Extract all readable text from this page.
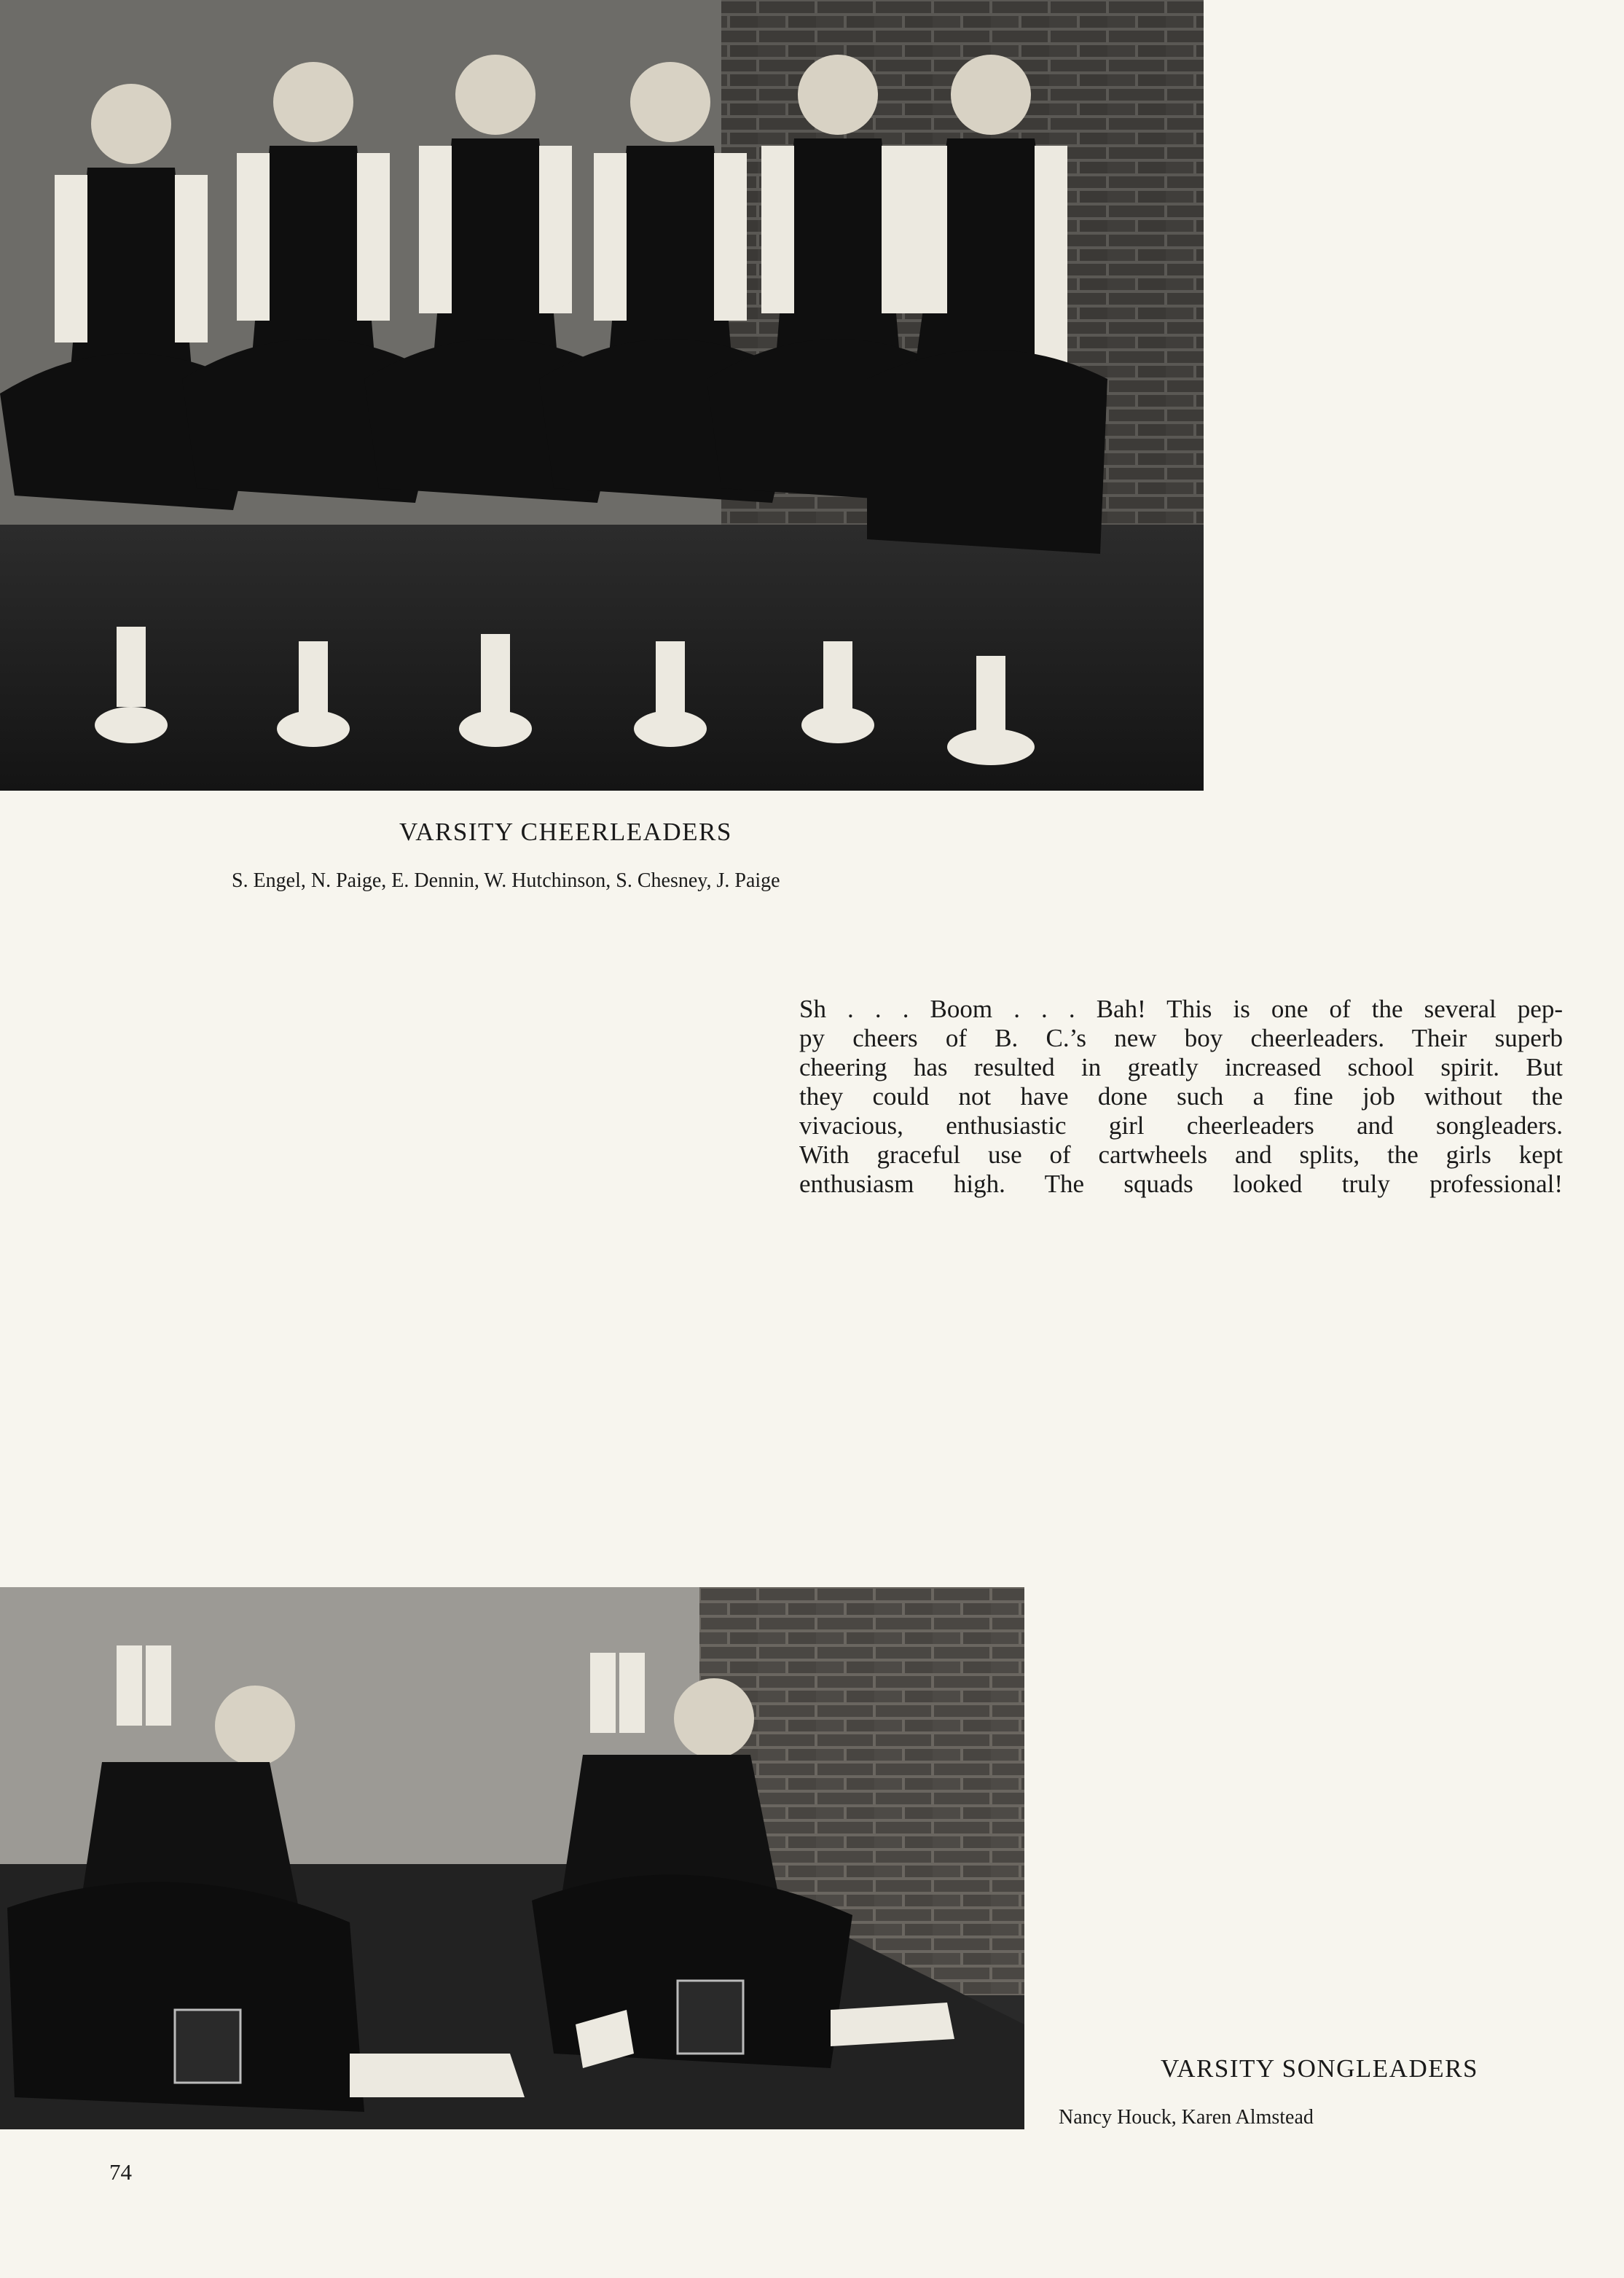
VARSITY CHEERLEADERS
S. Engel, N. Paige, E. Dennin, W. Hutchinson, S. Chesney, J. Paige
Sh . . . Boom . . . Bah! This is one of the several pep-
py cheers of B. C.’s new boy cheerleaders. Their superb
cheering has resulted in greatly increased school spirit. But
they could not have done such a fine job without the
vivacious, enthusiastic girl cheerleaders and songleaders.
With graceful use of cartwheels and splits, the girls kept
enthusiasm high. The squads looked truly professional!
VARSITY SONGLEADERS
Nancy Houck, Karen Almstead
74
